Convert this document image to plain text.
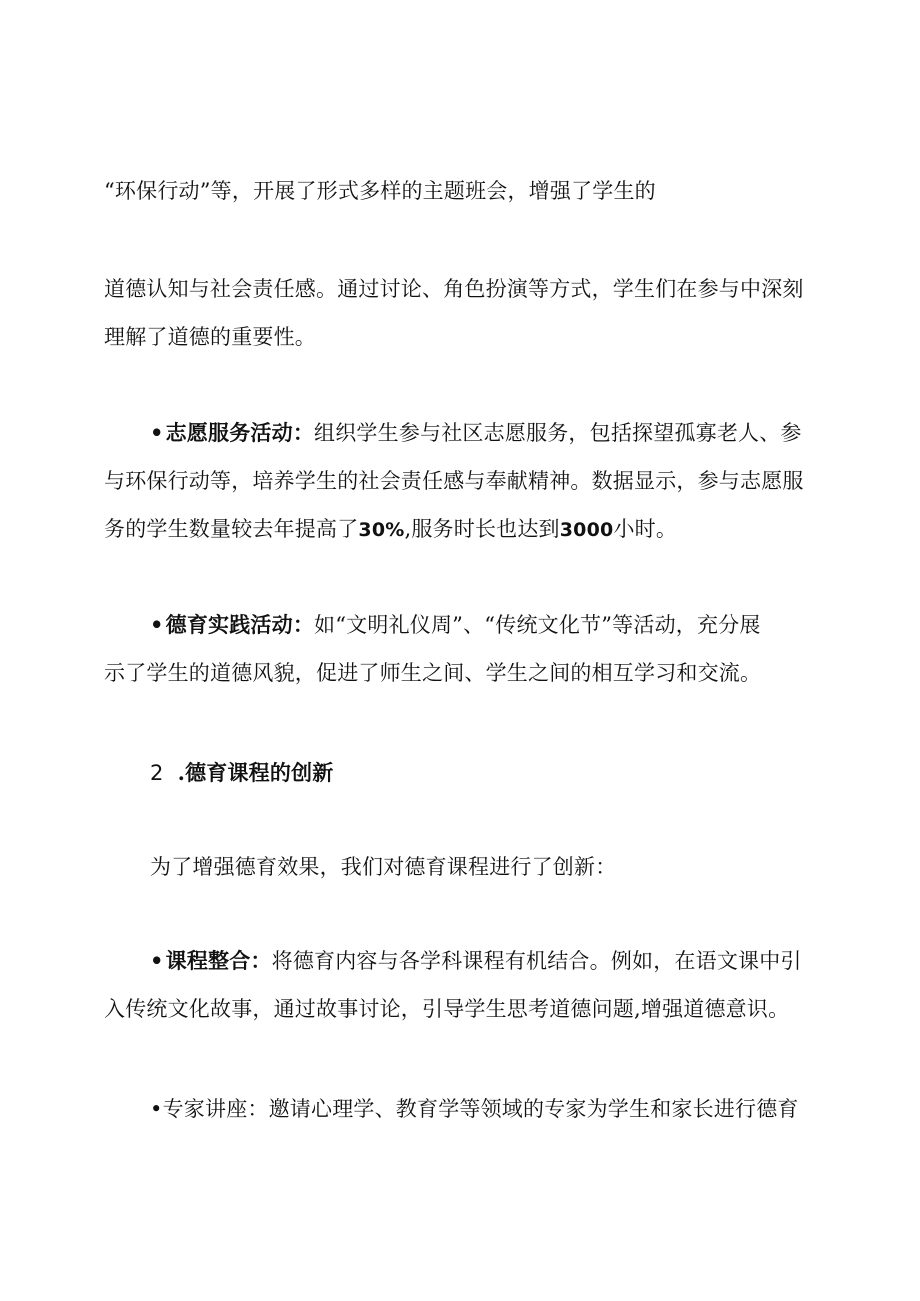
“环保行动”等，开展了形式多样的主题班会，增强了学生的
道德认知与社会责任感。通过讨论、角色扮演等方式，学生们在参与中深刻
理解了道德的重要性。
•志愿服务活动：组织学生参与社区志愿服务，包括探望孤寡老人、参
与环保行动等，培养学生的社会责任感与奉献精神。数据显示，参与志愿服
务的学生数量较去年提高了30%,服务时长也达到3000小时。
•德育实践活动：如“文明礼仪周”、“传统文化节”等活动，充分展
示了学生的道德风貌，促进了师生之间、学生之间的相互学习和交流。
2 .德育课程的创新
为了增强德育效果，我们对德育课程进行了创新：
•课程整合：将德育内容与各学科课程有机结合。例如，在语文课中引
入传统文化故事，通过故事讨论，引导学生思考道德问题,增强道德意识。
•专家讲座：邀请心理学、教育学等领域的专家为学生和家长进行德育
